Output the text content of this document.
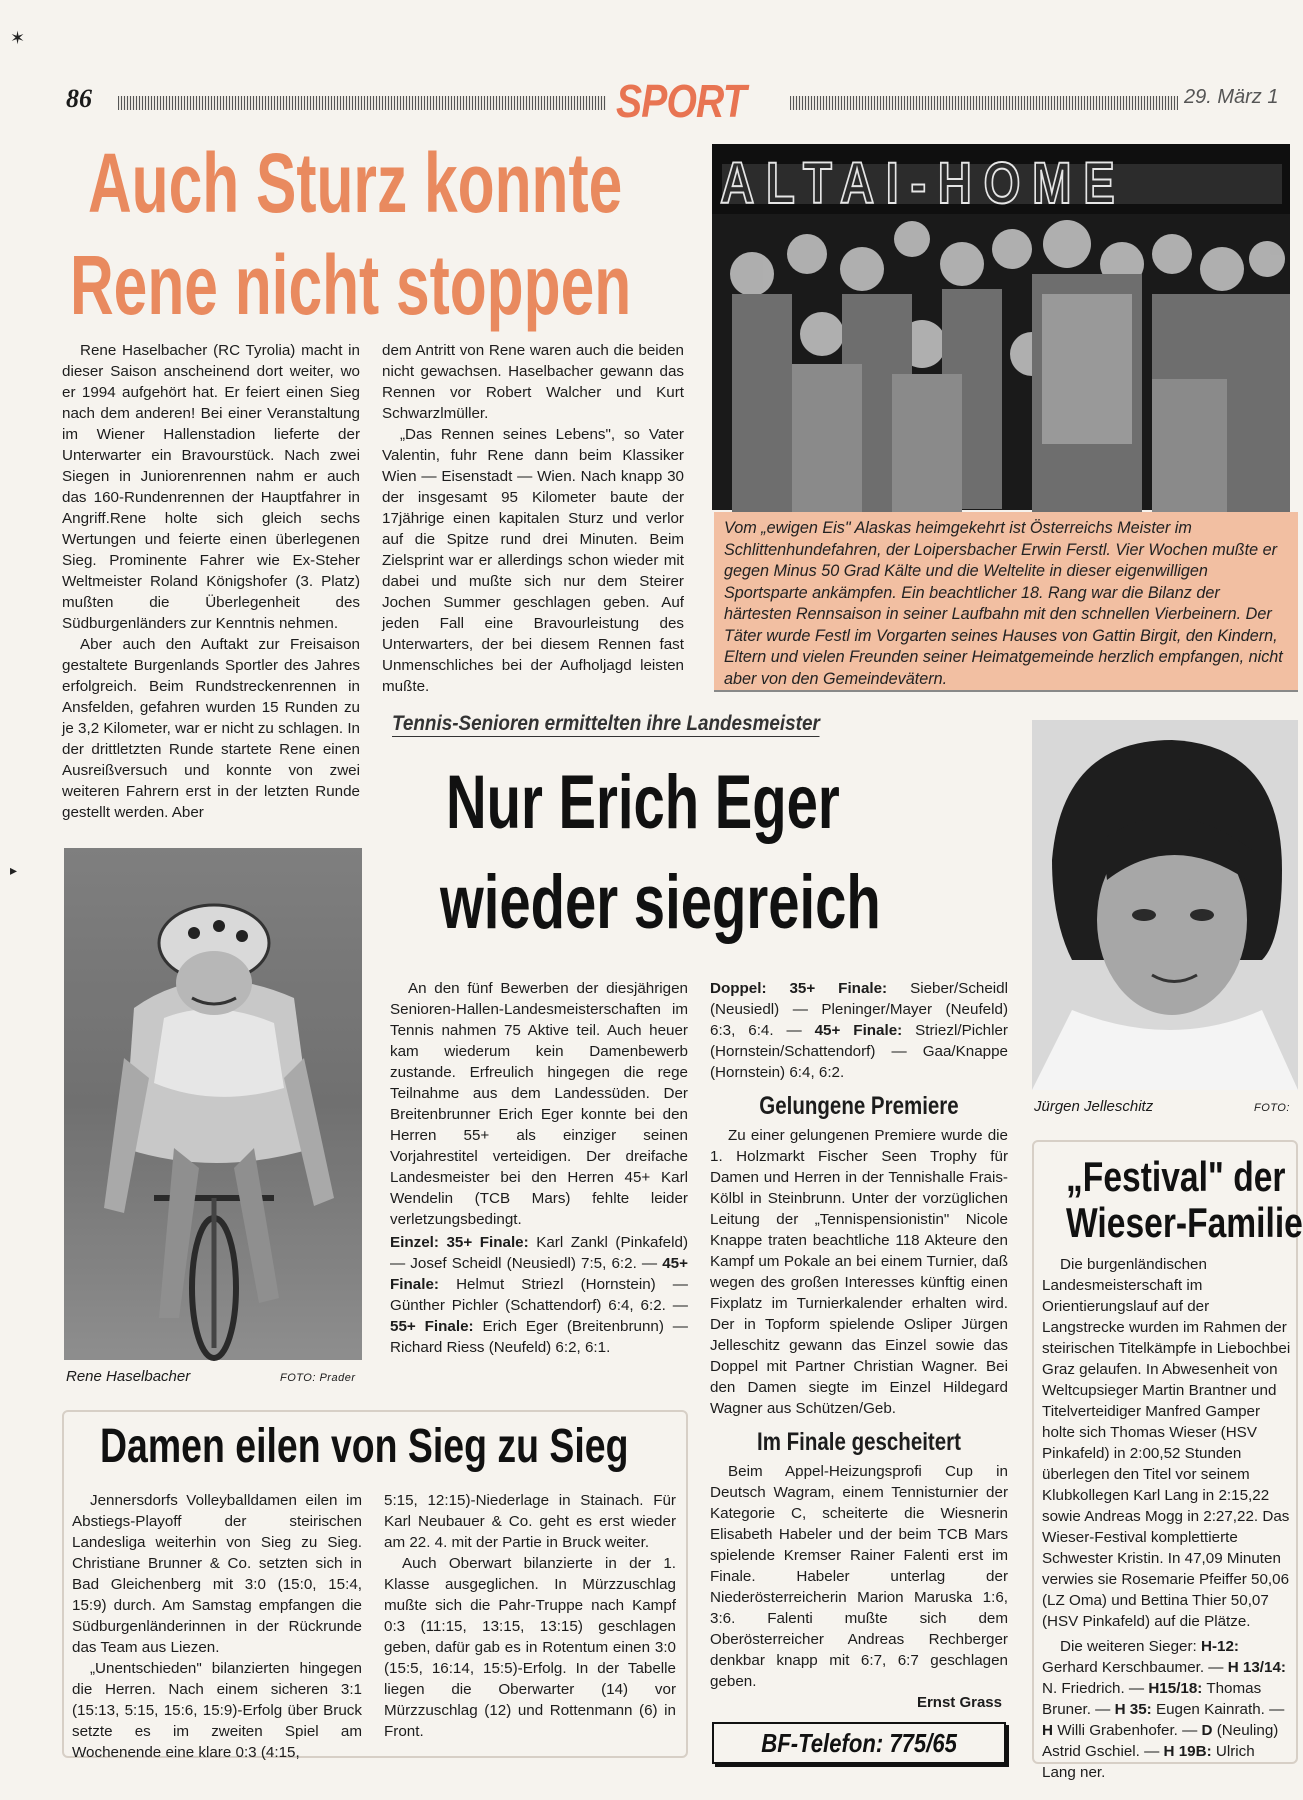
86	SPORT	29. März 1
Auch Sturz konnte
Rene nicht stoppen

Rene Haselbacher (RC Tyrolia) macht in dieser Saison anscheinend dort weiter, wo er 1994 aufgehört hat. Er feiert einen Sieg nach dem anderen! Bei einer Veranstaltung im Wiener Hallenstadion lieferte der Unterwarter ein Bravourstück. Nach zwei Siegen in Juniorenrennen nahm er auch das 160-Rundenrennen der Hauptfahrer in Angriff.Rene holte sich gleich sechs Wertungen und feierte einen überlegenen Sieg. Prominente Fahrer wie Ex-Steher Weltmeister Roland Königshofer (3. Platz) mußten die Überlegenheit des Südburgenländers zur Kenntnis nehmen.

Aber auch den Auftakt zur Freisaison gestaltete Burgenlands Sportler des Jahres erfolgreich. Beim Rundstreckenrennen in Ansfelden, gefahren wurden 15 Runden zu je 3,2 Kilometer, war er nicht zu schlagen. In der drittletzten Runde startete Rene einen Ausreißversuch und konnte von zwei weiteren Fahrern erst in der letzten Runde gestellt werden. Aber

dem Antritt von Rene waren auch die beiden nicht gewachsen. Haselbacher gewann das Rennen vor Robert Walcher und Kurt Schwarzlmüller.

„Das Rennen seines Lebens", so Vater Valentin, fuhr Rene dann beim Klassiker Wien — Eisenstadt — Wien. Nach knapp 30 der insgesamt 95 Kilometer baute der 17jährige einen kapitalen Sturz und verlor auf die Spitze rund drei Minuten. Beim Zielsprint war er allerdings schon wieder mit dabei und mußte sich nur dem Steirer Jochen Summer geschlagen geben. Auf jeden Fall eine Bravourleistung des Unterwarters, der bei diesem Rennen fast Unmenschliches bei der Aufholjagd leisten mußte.

Rene Haselbacher	FOTO: Prader
ALTAI-HOME
Vom „ewigen Eis" Alaskas heimgekehrt ist Österreichs Meister im Schlittenhundefahren, der Loipersbacher Erwin Ferstl. Vier Wochen mußte er gegen Minus 50 Grad Kälte und die Weltelite in dieser eigenwilligen Sportsparte ankämpfen. Ein beachtlicher 18. Rang war die Bilanz der härtesten Rennsaison in seiner Laufbahn mit den schnellen Vierbeinern. Der Täter wurde Festl im Vorgarten seines Hauses von Gattin Birgit, den Kindern, Eltern und vielen Freunden seiner Heimatgemeinde herzlich empfangen, nicht aber von den Gemeindevätern.
Tennis-Senioren ermittelten ihre Landesmeister
Nur Erich Eger
wieder siegreich

An den fünf Bewerben der diesjährigen Senioren-Hallen-Landesmeisterschaften im Tennis nahmen 75 Aktive teil. Auch heuer kam wiederum kein Damenbewerb zustande. Erfreulich hingegen die rege Teilnahme aus dem Landessüden. Der Breitenbrunner Erich Eger konnte bei den Herren 55+ als einziger seinen Vorjahrestitel verteidigen. Der dreifache Landesmeister bei den Herren 45+ Karl Wendelin (TCB Mars) fehlte leider verletzungsbedingt.

Einzel: 35+ Finale: Karl Zankl (Pinkafeld) — Josef Scheidl (Neusiedl) 7:5, 6:2. — 45+ Finale: Helmut Striezl (Hornstein) — Günther Pichler (Schattendorf) 6:4, 6:2. — 55+ Finale: Erich Eger (Breitenbrunn) — Richard Riess (Neufeld) 6:2, 6:1.

Doppel: 35+ Finale: Sieber/Scheidl (Neusiedl) — Pleninger/Mayer (Neufeld) 6:3, 6:4. — 45+ Finale: Striezl/Pichler (Hornstein/Schattendorf) — Gaa/Knappe (Hornstein) 6:4, 6:2.

Gelungene Premiere

Zu einer gelungenen Premiere wurde die 1. Holzmarkt Fischer Seen Trophy für Damen und Herren in der Tennishalle Frais-Kölbl in Steinbrunn. Unter der vorzüglichen Leitung der „Tennispensionistin" Nicole Knappe traten beachtliche 118 Akteure den Kampf um Pokale an bei einem Turnier, daß wegen des großen Interesses künftig einen Fixplatz im Turnierkalender erhalten wird. Der in Topform spielende Osliper Jürgen Jelleschitz gewann das Einzel sowie das Doppel mit Partner Christian Wagner. Bei den Damen siegte im Einzel Hildegard Wagner aus Schützen/Geb.

Im Finale gescheitert

Beim Appel-Heizungsprofi Cup in Deutsch Wagram, einem Tennisturnier der Kategorie C, scheiterte die Wiesnerin Elisabeth Habeler und der beim TCB Mars spielende Kremser Rainer Falenti erst im Finale. Habeler unterlag der Niederösterreicherin Marion Maruska 1:6, 3:6. Falenti mußte sich dem Oberösterreicher Andreas Rechberger denkbar knapp mit 6:7, 6:7 geschlagen geben.

Ernst Grass
Jürgen Jelleschitz	FOTO:
Damen eilen von Sieg zu Sieg

Jennersdorfs Volleyballdamen eilen im Abstiegs-Playoff der steirischen Landesliga weiterhin von Sieg zu Sieg. Christiane Brunner & Co. setzten sich in Bad Gleichenberg mit 3:0 (15:0, 15:4, 15:9) durch. Am Samstag empfangen die Südburgenländerinnen in der Rückrunde das Team aus Liezen.

„Unentschieden" bilanzierten hingegen die Herren. Nach einem sicheren 3:1 (15:13, 5:15, 15:6, 15:9)-Erfolg über Bruck setzte es im zweiten Spiel am Wochenende eine klare 0:3 (4:15,

5:15, 12:15)-Niederlage in Stainach. Für Karl Neubauer & Co. geht es erst wieder am 22. 4. mit der Partie in Bruck weiter.

Auch Oberwart bilanzierte in der 1. Klasse ausgeglichen. In Mürzzuschlag mußte sich die Pahr-Truppe nach Kampf 0:3 (11:15, 13:15, 13:15) geschlagen geben, dafür gab es in Rotentum einen 3:0 (15:5, 16:14, 15:5)-Erfolg. In der Tabelle liegen die Oberwarter (14) vor Mürzzuschlag (12) und Rottenmann (6) in Front.

„Festival" der
Wieser-Familie

Die burgenländischen Landesmeisterschaft im Orientierungslauf auf der Langstrecke wurden im Rahmen der steirischen Titelkämpfe in Liebochbei Graz gelaufen. In Abwesenheit von Weltcupsieger Martin Brantner und Titelverteidiger Manfred Gamper holte sich Thomas Wieser (HSV Pinkafeld) in 2:00,52 Stunden überlegen den Titel vor seinem Klubkollegen Karl Lang in 2:15,22 sowie Andreas Mogg in 2:27,22. Das Wieser-Festival komplettierte Schwester Kristin. In 47,09 Minuten verwies sie Rosemarie Pfeiffer 50,06 (LZ Oma) und Bettina Thier 50,07 (HSV Pinkafeld) auf die Plätze.

Die weiteren Sieger: H-12: Gerhard Kerschbaumer. — H 13/14: N. Friedrich. — H15/18: Thomas Bruner. — H 35: Eugen Kainrath. — H Willi Grabenhofer. — D (Neuling) Astrid Gschiel. — H 19B: Ulrich Lang ner.

BF-Telefon: 775/65
✶
▸
